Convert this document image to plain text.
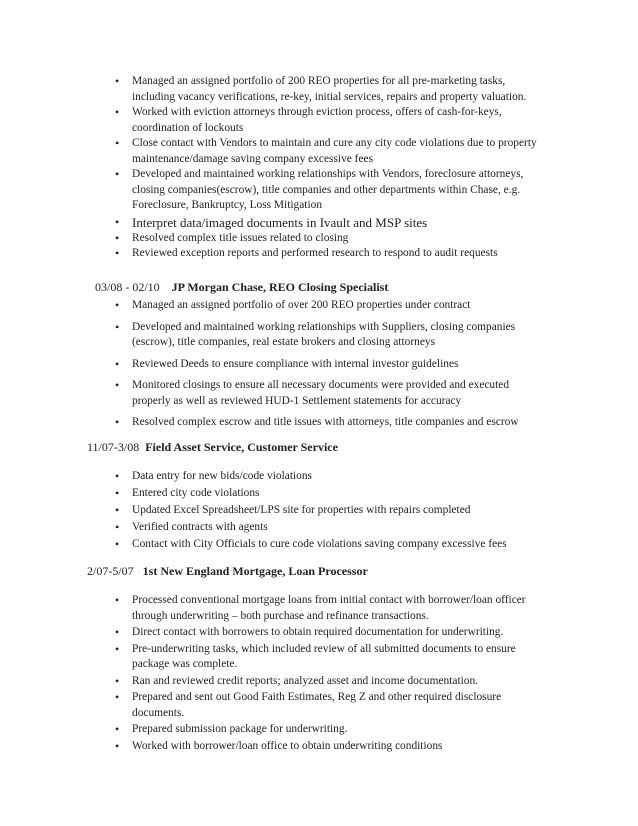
• Managed an assigned portfolio of 200 REO properties for all pre-marketing tasks, including vacancy verifications, re-key, initial services, repairs and property valuation.
• Worked with eviction attorneys through eviction process, offers of cash-for-keys, coordination of lockouts
• Close contact with Vendors to maintain and cure any city code violations due to property maintenance/damage saving company excessive fees
• Developed and maintained working relationships with Vendors, foreclosure attorneys, closing companies(escrow), title companies and other departments within Chase, e.g. Foreclosure, Bankruptcy, Loss Mitigation
• Interpret data/imaged documents in Ivault and MSP sites
• Resolved complex title issues related to closing
• Reviewed exception reports and performed research to respond to audit requests
03/08 - 02/10 JP Morgan Chase, REO Closing Specialist
• Managed an assigned portfolio of over 200 REO properties under contract
• Developed and maintained working relationships with Suppliers, closing companies (escrow), title companies, real estate brokers and closing attorneys
• Reviewed Deeds to ensure compliance with internal investor guidelines
• Monitored closings to ensure all necessary documents were provided and executed properly as well as reviewed HUD-1 Settlement statements for accuracy
• Resolved complex escrow and title issues with attorneys, title companies and escrow
11/07-3/08 Field Asset Service, Customer Service
• Data entry for new bids/code violations
• Entered city code violations
• Updated Excel Spreadsheet/LPS site for properties with repairs completed
• Verified contracts with agents
• Contact with City Officials to cure code violations saving company excessive fees
2/07-5/07 1st New England Mortgage, Loan Processor
• Processed conventional mortgage loans from initial contact with borrower/loan officer through underwriting – both purchase and refinance transactions.
• Direct contact with borrowers to obtain required documentation for underwriting.
• Pre-underwriting tasks, which included review of all submitted documents to ensure package was complete.
• Ran and reviewed credit reports; analyzed asset and income documentation.
• Prepared and sent out Good Faith Estimates, Reg Z and other required disclosure documents.
• Prepared submission package for underwriting.
• Worked with borrower/loan office to obtain underwriting conditions
